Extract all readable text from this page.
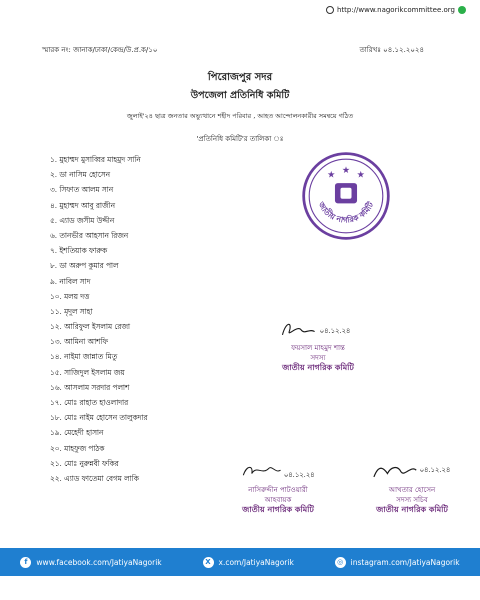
http://www.nagorikcommittee.org
স্মারক নং: জানাক/ঢাকা/কেন্দ্র/উ.প্র.ক/১০	তারিখঃ ০৪.১২.২০২৪
পিরোজপুর সদর
উপজেলা প্রতিনিধি কমিটি
জুলাই'২৪ ছাত্র জনতার অভ্যুত্থানে শহীদ পরিবার , আহত আন্দোলনকারীর সমন্বয়ে গঠিত
'প্রতিনিধি কমিটি'র তালিকা ঃ
১. মুহাম্মদ মুসাব্বির মাহমুদ সানি
২. ডা নাসিম হোসেন
৩. সিফাত আলম সান
৪. মুহাম্মদ আবু রাজীন
৫. এ্যাড জসীম উদ্দীন
৬. তানভীর আহসান রিজন
৭. ইশতিয়াক ফারুক
৮. ডা অরুপ কুমার পাল
৯. নাবিল সাদ
১০. মলয় দত্ত
১১. মৃদুল সাহা
১২. আরিফুল ইসলাম রেজা
১৩. আমিনা আশফি
১৪. নাইমা জান্নাত মিতু
১৫. সাজিদুল ইসলাম জয়
১৬. আসলাম সরদার পলাশ
১৭. মোঃ রাহাত হাওলাদার
১৮. মোঃ নাইম হোসেন তালুকদার
১৯. মেহেদী হাসান
২০. মাহফুজ পাঠক
২১. মোঃ নুরুন্নবী ফকির
২২. এ্যাড ফাতেমা বেগম লাকি
★ ★ ★
জাতীয় নাগরিক কমিটি
০৪.১২.২৪
ফয়সাল মাহমুদ শান্ত
সদস্য
জাতীয় নাগরিক কমিটি
০৪.১২.২৪
নাসিরুদ্দীন পাটওয়ারী
আহবায়ক
জাতীয় নাগরিক কমিটি
০৪.১২.২৪
আখতার হোসেন
সদস্য সচিব
জাতীয় নাগরিক কমিটি
f	www.facebook.com/JatiyaNagorik	X	x.com/JatiyaNagorik	◎ instagram.com/JatiyaNagorik
